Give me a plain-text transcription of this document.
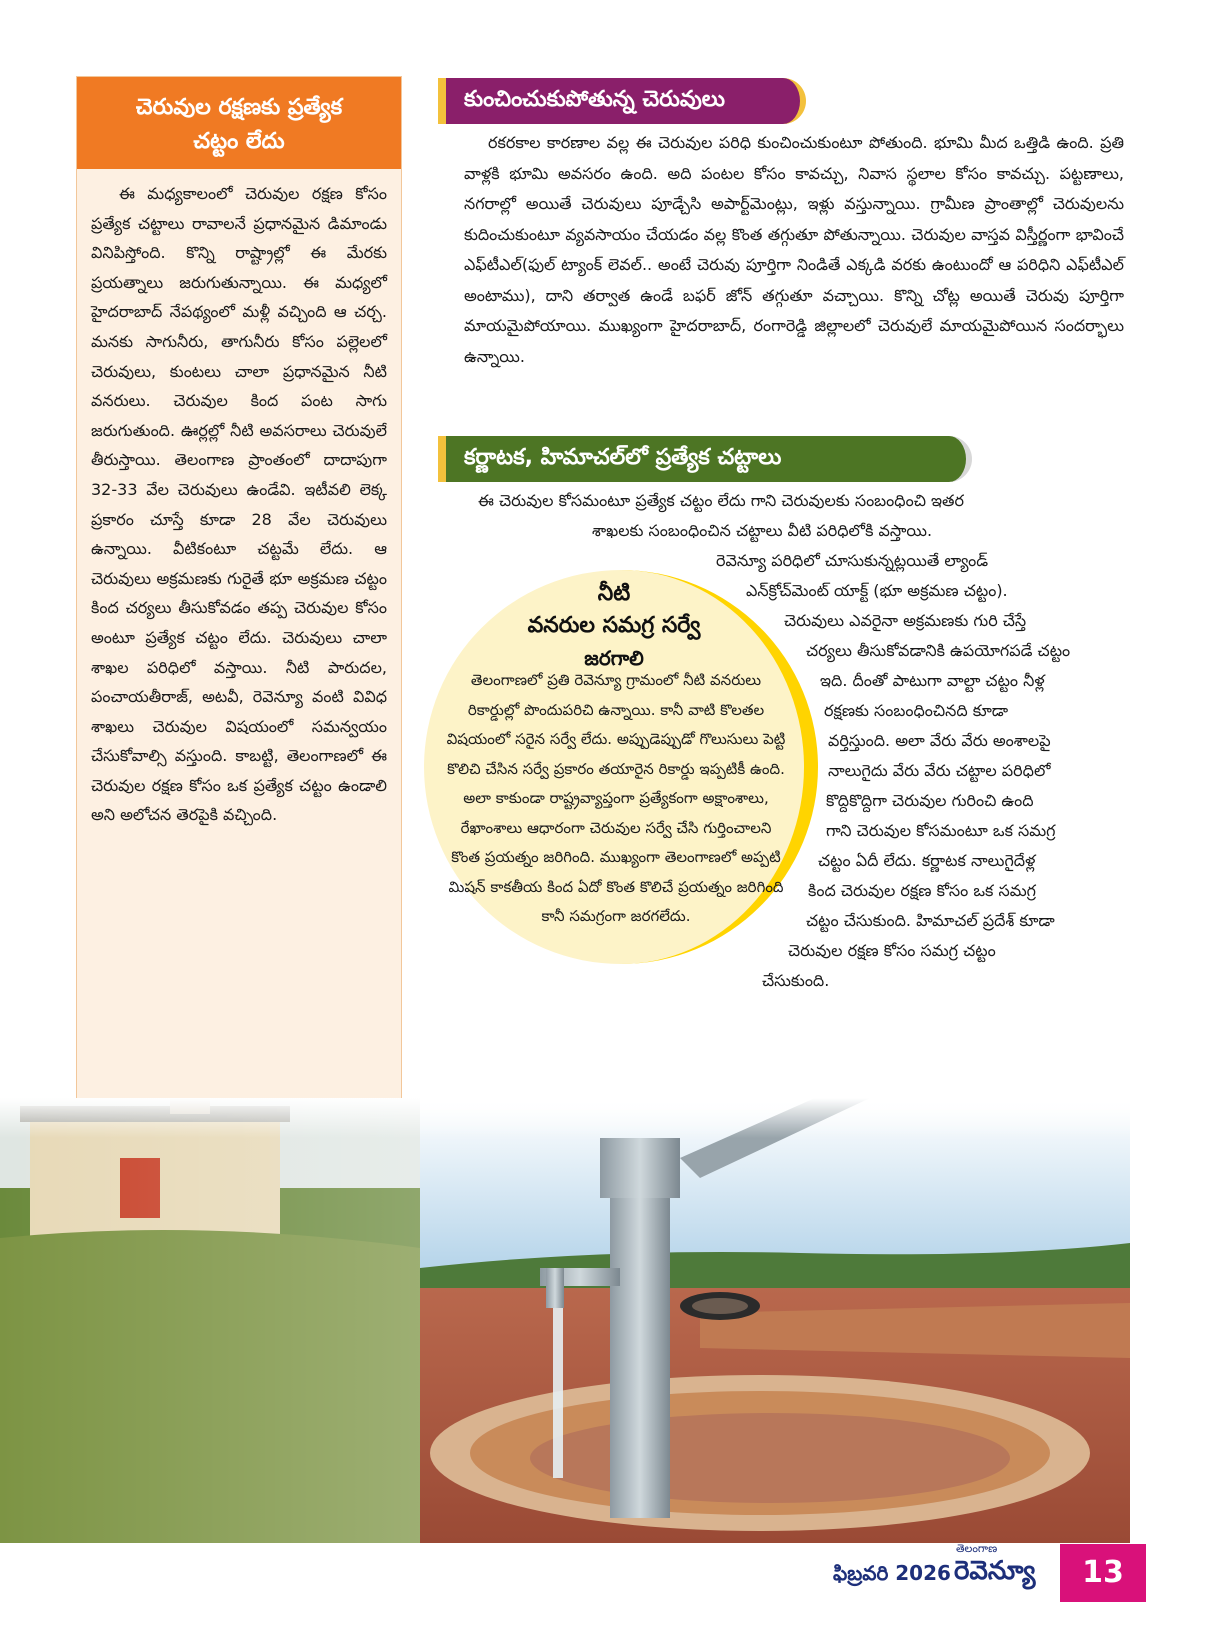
చెరువుల రక్షణకు ప్రత్యేక
చట్టం లేదు
ఈ మధ్యకాలంలో చెరువుల రక్షణ కోసం ప్రత్యేక చట్టాలు రావాలనే ప్రధానమైన డిమాండు వినిపిస్తోంది. కొన్ని రాష్ట్రాల్లో ఈ మేరకు ప్రయత్నాలు జరుగుతున్నాయి. ఈ మధ్యలో హైదరాబాద్ నేపథ్యంలో మళ్లీ వచ్చింది ఆ చర్చ. మనకు సాగునీరు, తాగునీరు కోసం పల్లెలలో చెరువులు, కుంటలు చాలా ప్రధానమైన నీటి వనరులు. చెరువుల కింద పంట సాగు జరుగుతుంది. ఊర్లల్లో నీటి అవసరాలు చెరువులే తీరుస్తాయి. తెలంగాణ ప్రాంతంలో దాదాపుగా 32-33 వేల చెరువులు ఉండేవి. ఇటీవలి లెక్క ప్రకారం చూస్తే కూడా 28 వేల చెరువులు ఉన్నాయి. వీటికంటూ చట్టమే లేదు. ఆ చెరువులు అక్రమణకు గురైతే భూ అక్రమణ చట్టం కింద చర్యలు తీసుకోవడం తప్ప చెరువుల కోసం అంటూ ప్రత్యేక చట్టం లేదు. చెరువులు చాలా శాఖల పరిధిలో వస్తాయి. నీటి పారుదల, పంచాయతీరాజ్, అటవీ, రెవెన్యూ వంటి వివిధ శాఖలు చెరువుల విషయంలో సమన్వయం చేసుకోవాల్సి వస్తుంది. కాబట్టి, తెలంగాణలో ఈ చెరువుల రక్షణ కోసం ఒక ప్రత్యేక చట్టం ఉండాలి అని అలోచన తెరపైకి వచ్చింది.
కుంచించుకుపోతున్న చెరువులు

రకరకాల కారణాల వల్ల ఈ చెరువుల పరిధి కుంచించుకుంటూ పోతుంది. భూమి మీద ఒత్తిడి ఉంది. ప్రతి వాళ్లకి భూమి అవసరం ఉంది. అది పంటల కోసం కావచ్చు, నివాస స్థలాల కోసం కావచ్చు. పట్టణాలు, నగరాల్లో అయితే చెరువులు పూడ్చేసి అపార్ట్‌మెంట్లు, ఇళ్లు వస్తున్నాయి. గ్రామీణ ప్రాంతాల్లో చెరువులను కుదించుకుంటూ వ్యవసాయం చేయడం వల్ల కొంత తగ్గుతూ పోతున్నాయి. చెరువుల వాస్తవ విస్తీర్ణంగా భావించే ఎఫ్‌టీఎల్(ఫుల్ ట్యాంక్ లెవల్.. అంటే చెరువు పూర్తిగా నిండితే ఎక్కడి వరకు ఉంటుందో ఆ పరిధిని ఎఫ్‌టీఎల్ అంటాము), దాని తర్వాత ఉండే బఫర్ జోన్ తగ్గుతూ వచ్చాయి. కొన్ని చోట్ల అయితే చెరువు పూర్తిగా మాయమైపోయాయి. ముఖ్యంగా హైదరాబాద్, రంగారెడ్డి జిల్లాలలో చెరువులే మాయమైపోయిన సందర్భాలు ఉన్నాయి.

కర్ణాటక, హిమాచల్‌లో ప్రత్యేక చట్టాలు

ఈ చెరువుల కోసమంటూ ప్రత్యేక చట్టం లేదు గాని చెరువులకు సంబంధించి ఇతర

శాఖలకు సంబంధించిన చట్టాలు వీటి పరిధిలోకి వస్తాయి.

రెవెన్యూ పరిధిలో చూసుకున్నట్లయితే ల్యాండ్

ఎన్‌క్రోచ్‌మెంట్ యాక్ట్ (భూ అక్రమణ చట్టం).

చెరువులు ఎవరైనా అక్రమణకు గురి చేస్తే

చర్యలు తీసుకోవడానికి ఉపయోగపడే చట్టం

ఇది. దీంతో పాటుగా వాల్టా చట్టం నీళ్ల

రక్షణకు సంబంధించినది కూడా

వర్తిస్తుంది. అలా వేరు వేరు అంశాలపై

నాలుగైదు వేరు వేరు చట్టాల పరిధిలో

కొద్దికొద్దిగా చెరువుల గురించి ఉంది

గాని చెరువుల కోసమంటూ ఒక సమగ్ర

చట్టం ఏదీ లేదు. కర్ణాటక నాలుగైదేళ్ల

కింద చెరువుల రక్షణ కోసం ఒక సమగ్ర

చట్టం చేసుకుంది. హిమాచల్ ప్రదేశ్ కూడా

చెరువుల రక్షణ కోసం సమగ్ర చట్టం

చేసుకుంది.

నీటి
వనరుల సమగ్ర సర్వే
జరగాలి
తెలంగాణలో ప్రతి రెవెన్యూ గ్రామంలో నీటి వనరులు రికార్డుల్లో పొందుపరిచి ఉన్నాయి. కానీ వాటి కొలతల విషయంలో సరైన సర్వే లేదు. అప్పుడెప్పుడో గొలుసులు పెట్టి కొలిచి చేసిన సర్వే ప్రకారం తయారైన రికార్డు ఇప్పటికీ ఉంది. అలా కాకుండా రాష్ట్రవ్యాప్తంగా ప్రత్యేకంగా అక్షాంశాలు, రేఖాంశాలు ఆధారంగా చెరువుల సర్వే చేసి గుర్తించాలని కొంత ప్రయత్నం జరిగింది. ముఖ్యంగా తెలంగాణలో అప్పటి మిషన్ కాకతీయ కింద ఏదో కొంత కొలిచే ప్రయత్నం జరిగింది కానీ సమగ్రంగా జరగలేదు.
ఫిబ్రవరి 2026
తెలంగాణ
రెవెన్యూ	13
